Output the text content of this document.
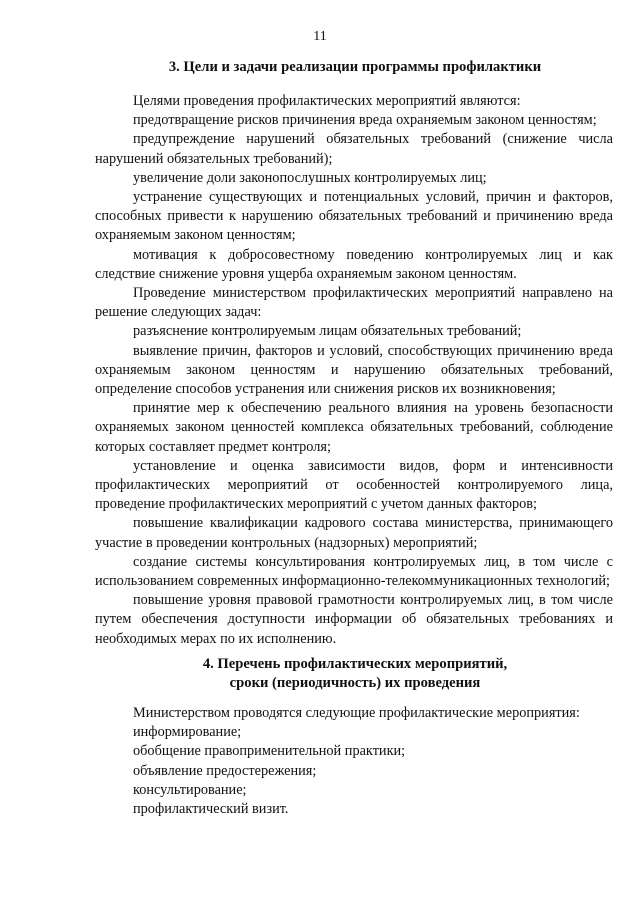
11
3. Цели и задачи реализации программы профилактики

Целями проведения профилактических мероприятий являются:

предотвращение рисков причинения вреда охраняемым законом ценностям;

предупреждение нарушений обязательных требований (снижение числа нарушений обязательных требований);

увеличение доли законопослушных контролируемых лиц;

устранение существующих и потенциальных условий, причин и факторов, способных привести к нарушению обязательных требований и причинению вреда охраняемым законом ценностям;

мотивация к добросовестному поведению контролируемых лиц и как следствие снижение уровня ущерба охраняемым законом ценностям.

Проведение министерством профилактических мероприятий направлено на решение следующих задач:

разъяснение контролируемым лицам обязательных требований;

выявление причин, факторов и условий, способствующих причинению вреда охраняемым законом ценностям и нарушению обязательных требований, определение способов устранения или снижения рисков их возникновения;

принятие мер к обеспечению реального влияния на уровень безопасности охраняемых законом ценностей комплекса обязательных требований, соблюдение которых составляет предмет контроля;

установление и оценка зависимости видов, форм и интенсивности профилактических мероприятий от особенностей контролируемого лица, проведение профилактических мероприятий с учетом данных факторов;

повышение квалификации кадрового состава министерства, принимающего участие в проведении контрольных (надзорных) мероприятий;

создание системы консультирования контролируемых лиц, в том числе с использованием современных информационно-телекоммуникационных технологий;

повышение уровня правовой грамотности контролируемых лиц, в том числе путем обеспечения доступности информации об обязательных требованиях и необходимых мерах по их исполнению.

4. Перечень профилактических мероприятий,
сроки (периодичность) их проведения

Министерством проводятся следующие профилактические мероприятия:

информирование;

обобщение правоприменительной практики;

объявление предостережения;

консультирование;

профилактический визит.
